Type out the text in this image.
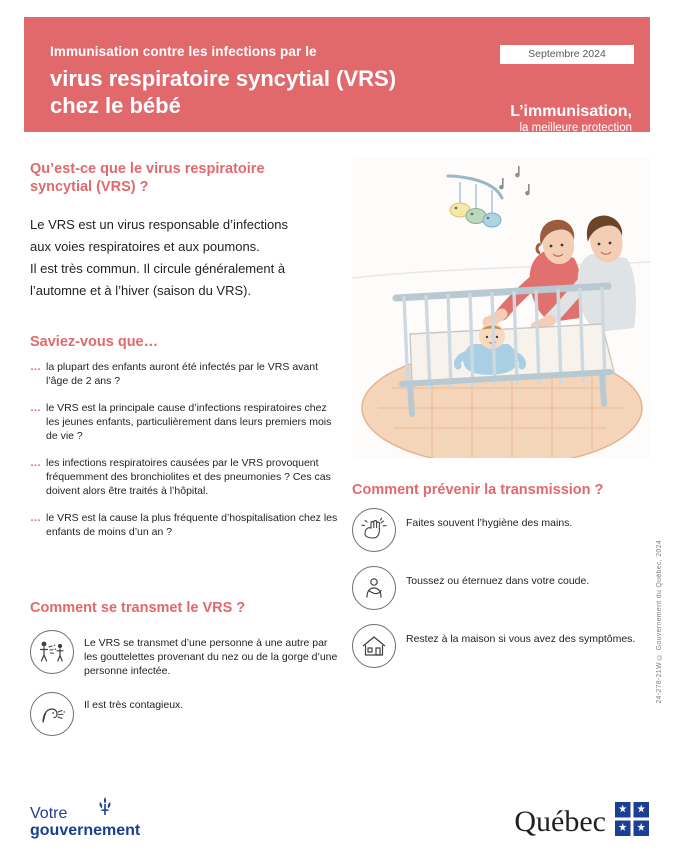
Immunisation contre les infections par le
virus respiratoire syncytial (VRS)
chez le bébé
Septembre 2024
L’immunisation,
la meilleure protection
Qu’est-ce que le virus respiratoire
syncytial (VRS) ?
Le VRS est un virus responsable d’infections
aux voies respiratoires et aux poumons.
Il est très commun. Il circule généralement à
l’automne et à l’hiver (saison du VRS).
Saviez-vous que…
… la plupart des enfants auront été infectés par le VRS avant l’âge de 2 ans ?
… le VRS est la principale cause d’infections respiratoires chez les jeunes enfants, particulièrement dans leurs premiers mois de vie ?
… les infections respiratoires causées par le VRS provoquent fréquemment des bronchiolites et des pneumonies ? Ces cas doivent alors être traités à l’hôpital.
… le VRS est la cause la plus fréquente d’hospitalisation chez les enfants de moins d’un an ?
Comment se transmet le VRS ?
Le VRS se transmet d’une personne à une autre par les gouttelettes provenant du nez ou de la gorge d’une personne infectée.
Il est très contagieux.
Comment prévenir la transmission ?
Faites souvent l’hygiène des mains.
Toussez ou éternuez dans votre coude.
Restez à la maison si vous avez des symptômes.	24-278-21W © Gouvernement du Québec, 2024
Votre
gouvernement	Québec
